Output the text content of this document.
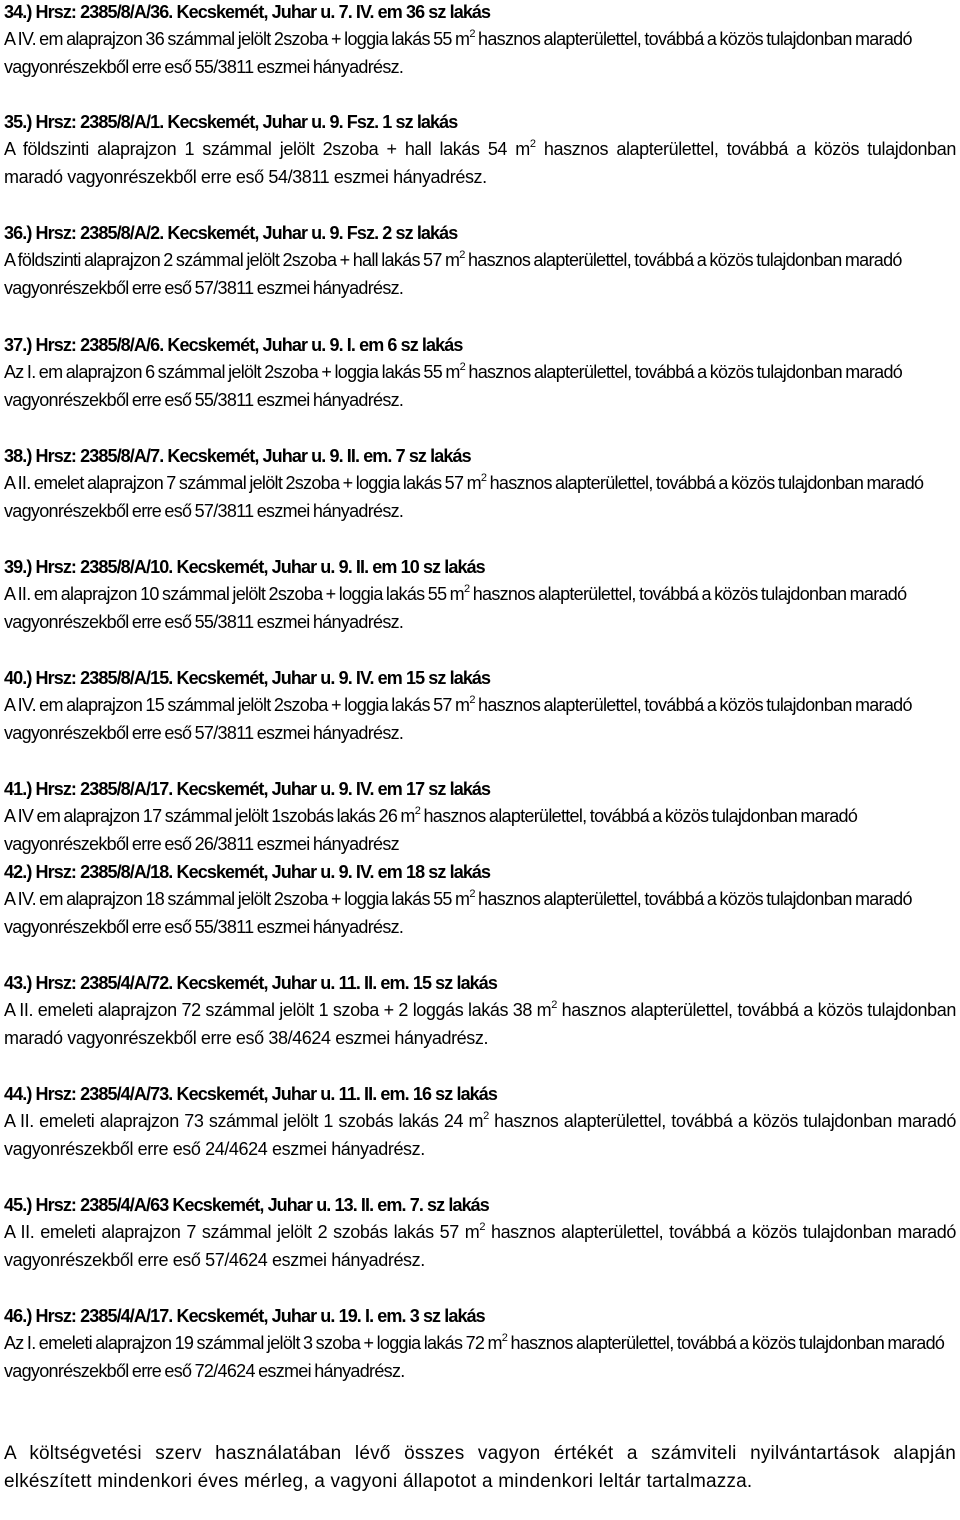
34.) Hrsz: 2385/8/A/36. Kecskemét, Juhar u. 7. IV. em 36 sz lakás
A IV. em alaprajzon 36 számmal jelölt 2szoba + loggia lakás 55 $m^2$ hasznos alapterülettel, továbbá a közös tulajdonban maradó vagyonrészekből erre eső 55/3811 eszmei hányadrész.
35.) Hrsz: 2385/8/A/1. Kecskemét, Juhar u. 9. Fsz. 1 sz lakás
A földszinti alaprajzon 1 számmal jelölt 2szoba + hall lakás 54 $m^2$ hasznos alapterülettel, továbbá a közös tulajdonban maradó vagyonrészekből erre eső 54/3811 eszmei hányadrész.
36.) Hrsz: 2385/8/A/2. Kecskemét, Juhar u. 9. Fsz. 2 sz lakás
A földszinti alaprajzon 2 számmal jelölt 2szoba + hall lakás 57 $m^2$ hasznos alapterülettel, továbbá a közös tulajdonban maradó vagyonrészekből erre eső 57/3811 eszmei hányadrész.
37.) Hrsz: 2385/8/A/6. Kecskemét, Juhar u. 9. I. em 6 sz lakás
Az I. em alaprajzon 6 számmal jelölt 2szoba + loggia lakás 55 $m^2$ hasznos alapterülettel, továbbá a közös tulajdonban maradó vagyonrészekből erre eső 55/3811 eszmei hányadrész.
38.) Hrsz: 2385/8/A/7. Kecskemét, Juhar u. 9. II. em. 7 sz lakás
A II. emelet alaprajzon 7 számmal jelölt 2szoba + loggia lakás 57 $m^2$ hasznos alapterülettel, továbbá a közös tulajdonban maradó vagyonrészekből erre eső 57/3811 eszmei hányadrész.
39.) Hrsz: 2385/8/A/10. Kecskemét, Juhar u. 9. II. em 10 sz lakás
A II. em alaprajzon 10 számmal jelölt 2szoba + loggia lakás 55 $m^2$ hasznos alapterülettel, továbbá a közös tulajdonban maradó vagyonrészekből erre eső 55/3811 eszmei hányadrész.
40.) Hrsz: 2385/8/A/15. Kecskemét, Juhar u. 9. IV. em 15 sz lakás
A IV. em alaprajzon 15 számmal jelölt 2szoba + loggia lakás 57 $m^2$ hasznos alapterülettel, továbbá a közös tulajdonban maradó vagyonrészekből erre eső 57/3811 eszmei hányadrész.
41.) Hrsz: 2385/8/A/17. Kecskemét, Juhar u. 9. IV. em 17 sz lakás
A IV em alaprajzon 17 számmal jelölt 1szobás lakás 26 $m^2$ hasznos alapterülettel, továbbá a közös tulajdonban maradó vagyonrészekből erre eső 26/3811 eszmei hányadrész
42.) Hrsz: 2385/8/A/18. Kecskemét, Juhar u. 9. IV. em 18 sz lakás
A IV. em alaprajzon 18 számmal jelölt 2szoba + loggia lakás 55 $m^2$ hasznos alapterülettel, továbbá a közös tulajdonban maradó vagyonrészekből erre eső 55/3811 eszmei hányadrész.
43.) Hrsz: 2385/4/A/72. Kecskemét, Juhar u. 11. II. em. 15 sz lakás
A II. emeleti alaprajzon 72 számmal jelölt 1 szoba + 2 loggás lakás 38 $m^2$ hasznos alapterülettel, továbbá a közös tulajdonban maradó vagyonrészekből erre eső 38/4624 eszmei hányadrész.
44.) Hrsz: 2385/4/A/73. Kecskemét, Juhar u. 11. II. em. 16 sz lakás
A II. emeleti alaprajzon 73 számmal jelölt 1 szobás lakás 24 $m^2$ hasznos alapterülettel, továbbá a közös tulajdonban maradó vagyonrészekből erre eső 24/4624 eszmei hányadrész.
45.) Hrsz: 2385/4/A/63 Kecskemét, Juhar u. 13. II. em. 7. sz lakás
A II. emeleti alaprajzon 7 számmal jelölt 2 szobás lakás 57 $m^2$ hasznos alapterülettel, továbbá a közös tulajdonban maradó vagyonrészekből erre eső 57/4624 eszmei hányadrész.
46.) Hrsz: 2385/4/A/17. Kecskemét, Juhar u. 19. I. em. 3 sz lakás
Az I. emeleti alaprajzon 19 számmal jelölt 3 szoba + loggia lakás 72 $m^2$ hasznos alapterülettel, továbbá a közös tulajdonban maradó vagyonrészekből erre eső 72/4624 eszmei hányadrész.

A költségvetési szerv használatában lévő összes vagyon értékét a számviteli nyilvántartások alapján elkészített mindenkori éves mérleg, a vagyoni állapotot a mindenkori leltár tartalmazza.
